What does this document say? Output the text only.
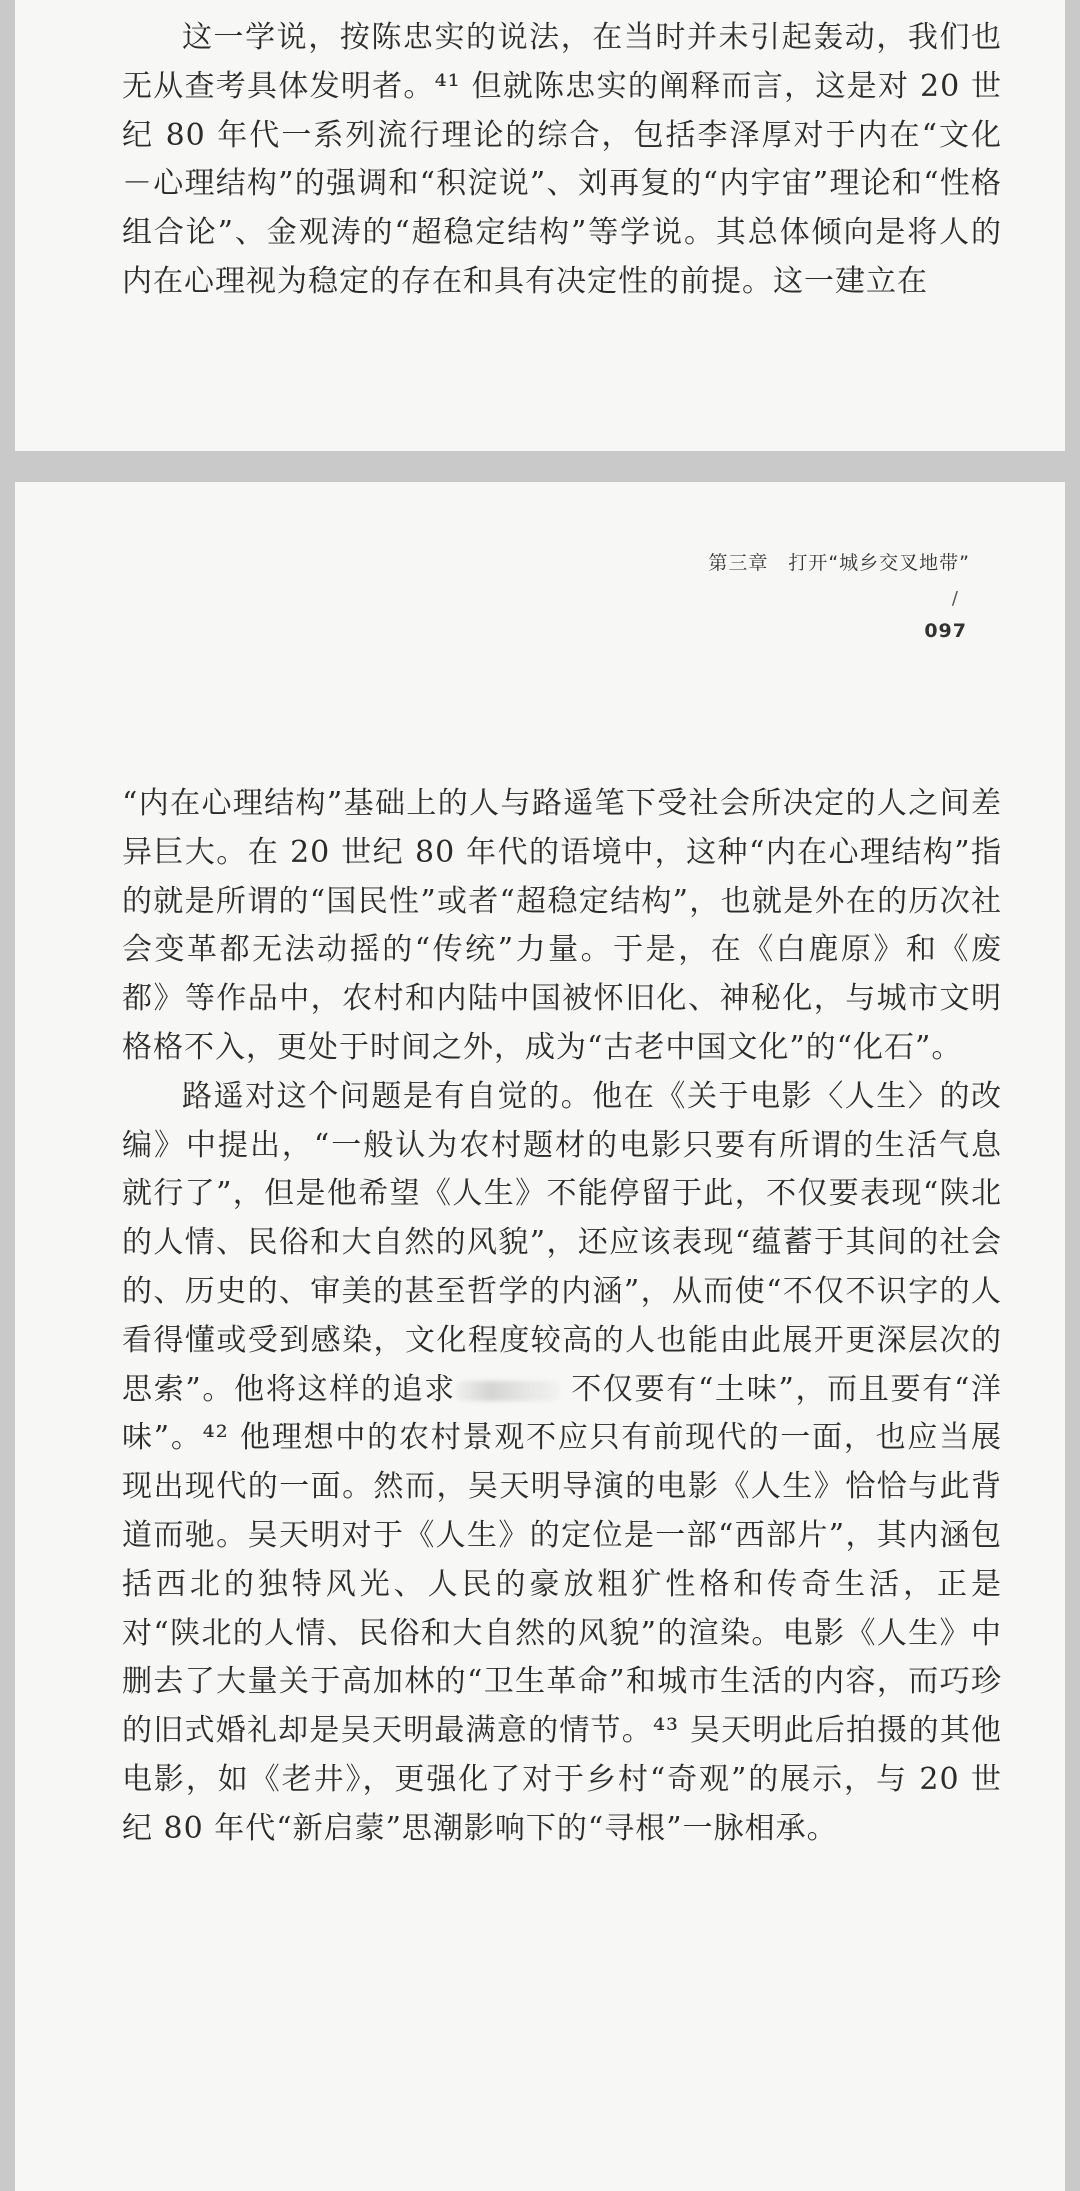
这一学说，按陈忠实的说法，在当时并未引起轰动，我们也无从查考具体发明者。⁴¹ 但就陈忠实的阐释而言，这是对 20 世纪 80 年代一系列流行理论的综合，包括李泽厚对于内在“文化－心理结构”的强调和“积淀说”、刘再复的“内宇宙”理论和“性格组合论”、金观涛的“超稳定结构”等学说。其总体倾向是将人的内在心理视为稳定的存在和具有决定性的前提。这一建立在

第三章　打开“城乡交叉地带”
/
097

“内在心理结构”基础上的人与路遥笔下受社会所决定的人之间差异巨大。在 20 世纪 80 年代的语境中，这种“内在心理结构”指的就是所谓的“国民性”或者“超稳定结构”，也就是外在的历次社会变革都无法动摇的“传统”力量。于是，在《白鹿原》和《废都》等作品中，农村和内陆中国被怀旧化、神秘化，与城市文明格格不入，更处于时间之外，成为“古老中国文化”的“化石”。

路遥对这个问题是有自觉的。他在《关于电影〈人生〉的改编》中提出，“一般认为农村题材的电影只要有所谓的生活气息就行了”，但是他希望《人生》不能停留于此，不仅要表现“陕北的人情、民俗和大自然的风貌”，还应该表现“蕴蓄于其间的社会的、历史的、审美的甚至哲学的内涵”，从而使“不仅不识字的人看得懂或受到感染，文化程度较高的人也能由此展开更深层次的思索”。他将这样的追求	不仅要有“土味”，而且要有“洋味”。⁴² 他理想中的农村景观不应只有前现代的一面，也应当展现出现代的一面。然而，吴天明导演的电影《人生》恰恰与此背道而驰。吴天明对于《人生》的定位是一部“西部片”，其内涵包括西北的独特风光、人民的豪放粗犷性格和传奇生活，正是对“陕北的人情、民俗和大自然的风貌”的渲染。电影《人生》中删去了大量关于高加林的“卫生革命”和城市生活的内容，而巧珍的旧式婚礼却是吴天明最满意的情节。⁴³ 吴天明此后拍摄的其他电影，如《老井》，更强化了对于乡村“奇观”的展示，与 20 世纪 80 年代“新启蒙”思潮影响下的“寻根”一脉相承。
